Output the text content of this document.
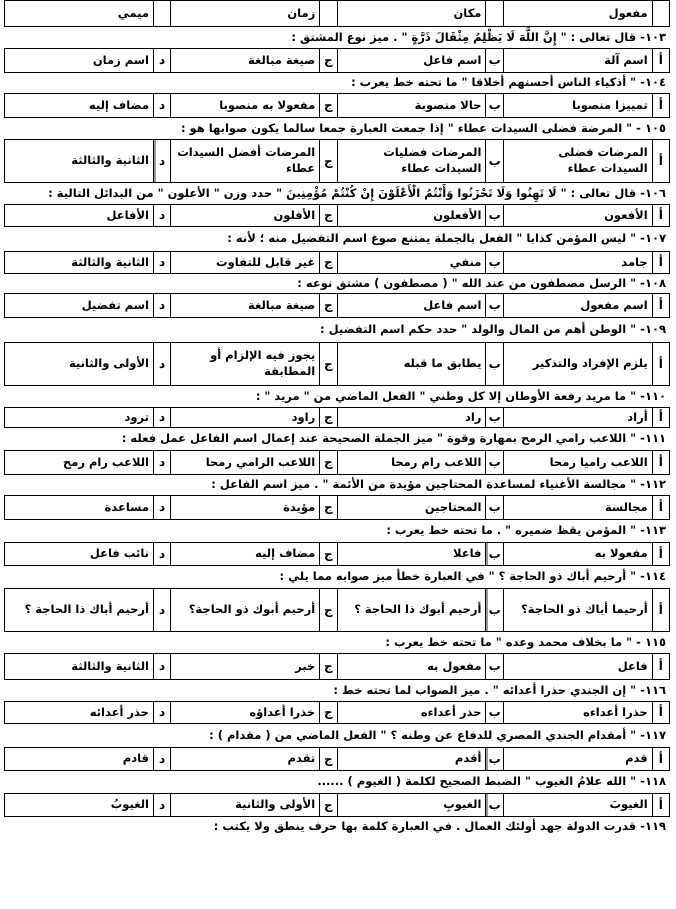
	مفعول		مكان		زمان		ميمي
١٠٣-
قال تعالى : " إِنَّ اللَّهَ لَا يَظْلِمُ مِثْقَالَ ذَرَّةٍ " . ميز نوع المشتق :
أ	اسم آلة	ب	اسم فاعل	ج	صيغة مبالغة	د	اسم زمان
١٠٤-
" أذكياء الناس أحسنهم أخلاقا " ما تحته خط يعرب :
أ	تمييزا منصوبا	ب	حالا منصوبة	ج	مفعولا به منصوبا	د	مضاف إليه
١٠٥ -
" المرضة فضلى السيدات عطاء " إذا جمعت العبارة جمعا سالما يكون صوابها هو :
أ	المرضات فضلى السيدات عطاء	ب	المرضات فضليات السيدات عطاء	ج	المرضات أفضل السيدات عطاء	د	الثانية والثالثة
١٠٦-
قال تعالى : " لَا تَهِنُوا وَلَا تَحْزَنُوا وَأَنْتُمُ الْأَعْلَوْنَ إِنْ كُنْتُمْ مُؤْمِنِينَ " حدد وزن " الأعلون " من البدائل التالية :
أ	الأفعون	ب	الأفعلون	ج	الأفلون	د	الأفاعل
١٠٧-
" ليس المؤمن كذابا " الفعل بالجملة يمتنع صوغ اسم التفضيل منه ؛ لأنه :
أ	جامد	ب	منفي	ج	غير قابل للتفاوت	د	الثانية والثالثة
١٠٨-
" الرسل مصطفون من عند الله " ( مصطفون ) مشتق نوعه :
أ	اسم مفعول	ب	اسم فاعل	ج	صيغة مبالغة	د	اسم تفضيل
١٠٩-
" الوطن أهم من المال والولد " حدد حكم اسم التفضيل :
أ	يلزم الإفراد والتذكير	ب	يطابق ما قبله	ج	يجوز فيه الإلزام أو المطابقة	د	الأولى والثانية
١١٠-
" ما مريد رفعة الأوطان إلا كل وطني " الفعل الماضي من " مريد " :
أ	أراد	ب	راد	ج	راود	د	ترود
١١١-
" اللاعب رامي الرمح بمهارة وقوة " ميز الجملة الصحيحة عند إعمال اسم الفاعل عمل فعله :
أ	اللاعب راميا رمحا	ب	اللاعب رام رمحا	ج	اللاعب الرامي رمحا	د	اللاعب رام رمح
١١٢-
" مجالسة الأغنياء لمساعدة المحتاجين مؤيدة من الأئمة " . ميز اسم الفاعل :
أ	مجالسة	ب	المحتاجين	ج	مؤيدة	د	مساعدة
١١٣-
" المؤمن يقظ ضميره " . ما تحته خط يعرب :
أ	مفعولا به	ب	فاعلا	ج	مضاف إليه	د	نائب فاعل
١١٤-
" أرحيم أباك ذو الحاجة ؟ " في العبارة خطأ ميز صوابه مما يلي :
أ	أرحيما أباك ذو الحاجة؟	ب	أرحيم أبوك ذا الحاجة ؟	ج	أرحيم أبوك ذو الحاجة؟	د	أرحيم أباك ذا الحاجة ؟
١١٥ -
" ما بخلاف محمد وعده " ما تحته خط يعرب :
أ	فاعل	ب	مفعول به	ج	خبر	د	الثانية والثالثة
١١٦-
" إن الجندي حذرا أعدائه " . ميز الصواب لما تحته خط :
أ	حذرا أعداءه	ب	حذر أعداءه	ج	خذرا أعداؤه	د	حذر أعدائه
١١٧-
" أمقدام الجندي المصري للدفاع عن وطنه ؟ " الفعل الماضي من ( مقدام ) :
أ	قدم	ب	أقدم	ج	تقدم	د	قادم
١١٨-
" الله علامُ الغيوب " الضبط الصحيح لكلمة ( الغيوم ) ......
أ	الغيوبَ	ب	الغيوبِ	ج	الأولى والثانية	د	الغيوبُ
١١٩-
قدرت الدولة جهد أولئك العمال . في العبارة كلمة بها حرف ينطق ولا يكتب :
